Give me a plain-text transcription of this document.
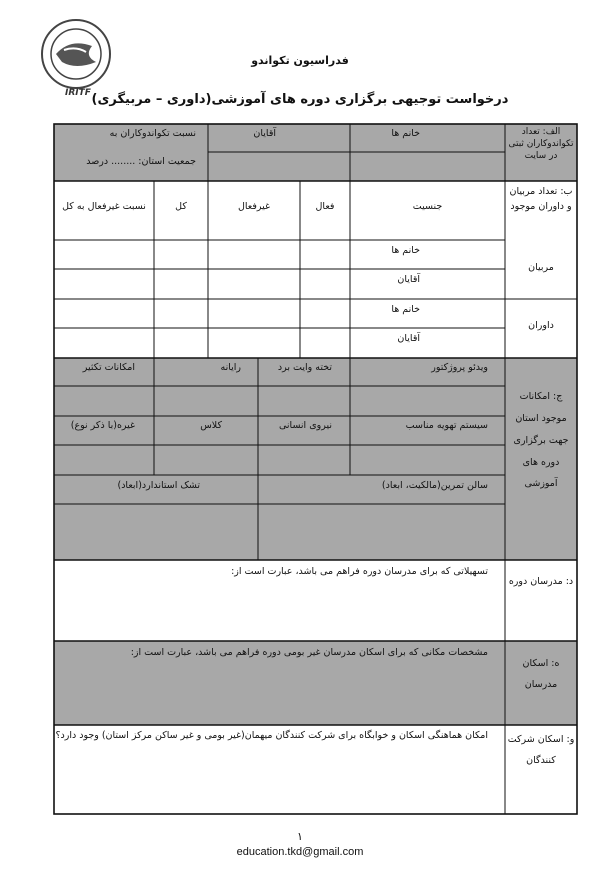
IRITF
فدراسیون تکواندو
درخواست توجیهی برگزاری دوره های آموزشی(داوری – مربیگری)
الف: تعداد تکواندوکاران ثبتی در سایت
خانم ها
آقایان
نسبت تکواندوکاران به
جمعیت استان: ........ درصد
ب: تعداد مربیان و داوران موجود
جنسیت
فعال
غیرفعال
کل
نسبت غیرفعال به کل
مربیان
داوران
خانم ها
آقایان
خانم ها
آقایان
ج: امکانات موجود استان جهت برگزاری دوره های آموزشی
ویدئو پروژکتور
تخته وایت برد
رایانه
امکانات تکثیر
سیستم تهویه مناسب
نیروی انسانی
کلاس
غیره(با ذکر نوع)
سالن تمرین(مالکیت، ابعاد)
تشک استاندارد(ابعاد)
د: مدرسان دوره
تسهیلاتی که برای مدرسان دوره فراهم می باشد، عبارت است از:
ه: اسکان مدرسان
مشخصات مکانی که برای اسکان مدرسان غیر بومی دوره فراهم می باشد، عبارت است از:
و: اسکان شرکت کنندگان
امکان هماهنگی اسکان و خوابگاه برای شرکت کنندگان میهمان(غیر بومی و غیر ساکن مرکز استان) وجود دارد؟
۱
education.tkd@gmail.com
